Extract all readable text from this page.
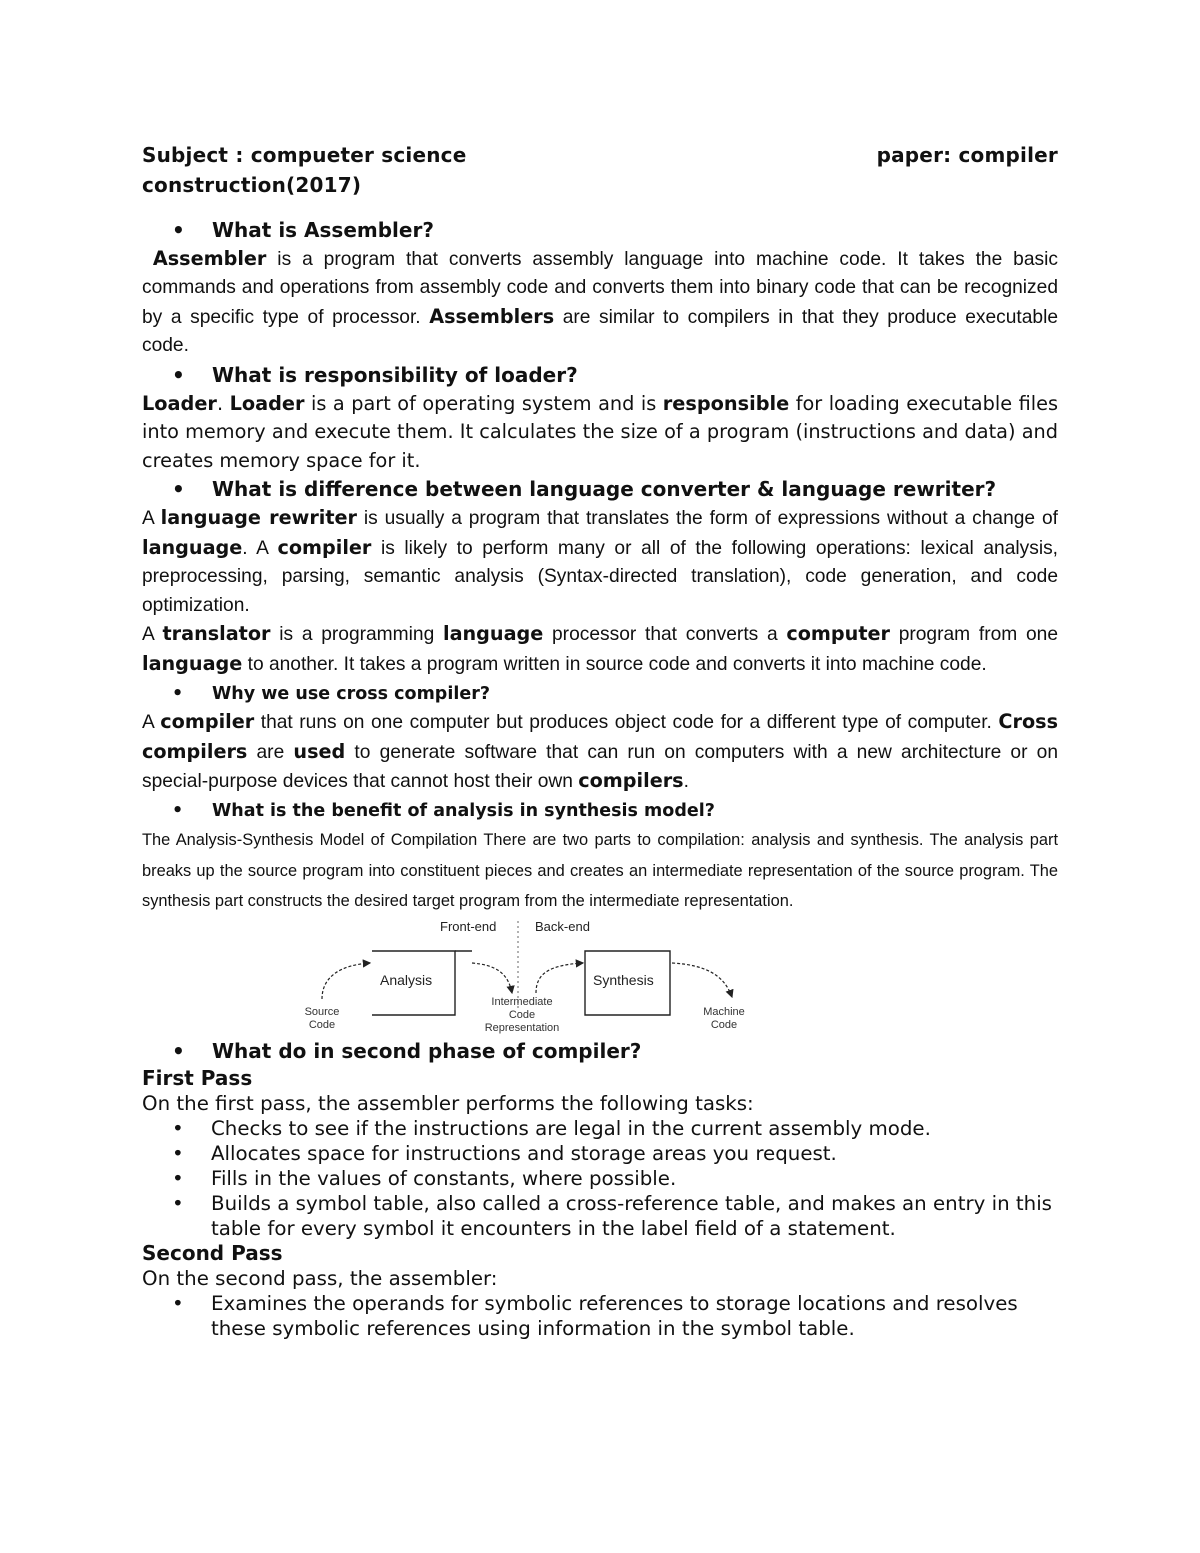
Subject : compueter science	paper: compiler
construction(2017)
• What is Assembler?
Assembler is a program that converts assembly language into machine code. It takes the basic commands and operations from assembly code and converts them into binary code that can be recognized by a specific type of processor. Assemblers are similar to compilers in that they produce executable code.
• What is responsibility of loader?
Loader. Loader is a part of operating system and is responsible for loading executable files into memory and execute them. It calculates the size of a program (instructions and data) and creates memory space for it.
• What is difference between language converter & language rewriter?
A language rewriter is usually a program that translates the form of expressions without a change of language. A compiler is likely to perform many or all of the following operations: lexical analysis, preprocessing, parsing, semantic analysis (Syntax-directed translation), code generation, and code optimization.
A translator is a programming language processor that converts a computer program from one language to another. It takes a program written in source code and converts it into machine code.
• Why we use cross compiler?
A compiler that runs on one computer but produces object code for a different type of computer. Cross compilers are used to generate software that can run on computers with a new architecture or on special-purpose devices that cannot host their own compilers.
• What is the benefit of analysis in synthesis model?
The Analysis-Synthesis Model of Compilation There are two parts to compilation: analysis and synthesis. The analysis part breaks up the source program into constituent pieces and creates an intermediate representation of the source program. The synthesis part constructs the desired target program from the intermediate representation.
Front-end	Back-end
Analysis	Synthesis
Source
Code
Intermediate
Code
Representation
Machine
Code
• What do in second phase of compiler?
First Pass
On the first pass, the assembler performs the following tasks:
• Checks to see if the instructions are legal in the current assembly mode.
• Allocates space for instructions and storage areas you request.
• Fills in the values of constants, where possible.
• Builds a symbol table, also called a cross-reference table, and makes an entry in this table for every symbol it encounters in the label field of a statement.
Second Pass
On the second pass, the assembler:
• Examines the operands for symbolic references to storage locations and resolves these symbolic references using information in the symbol table.
